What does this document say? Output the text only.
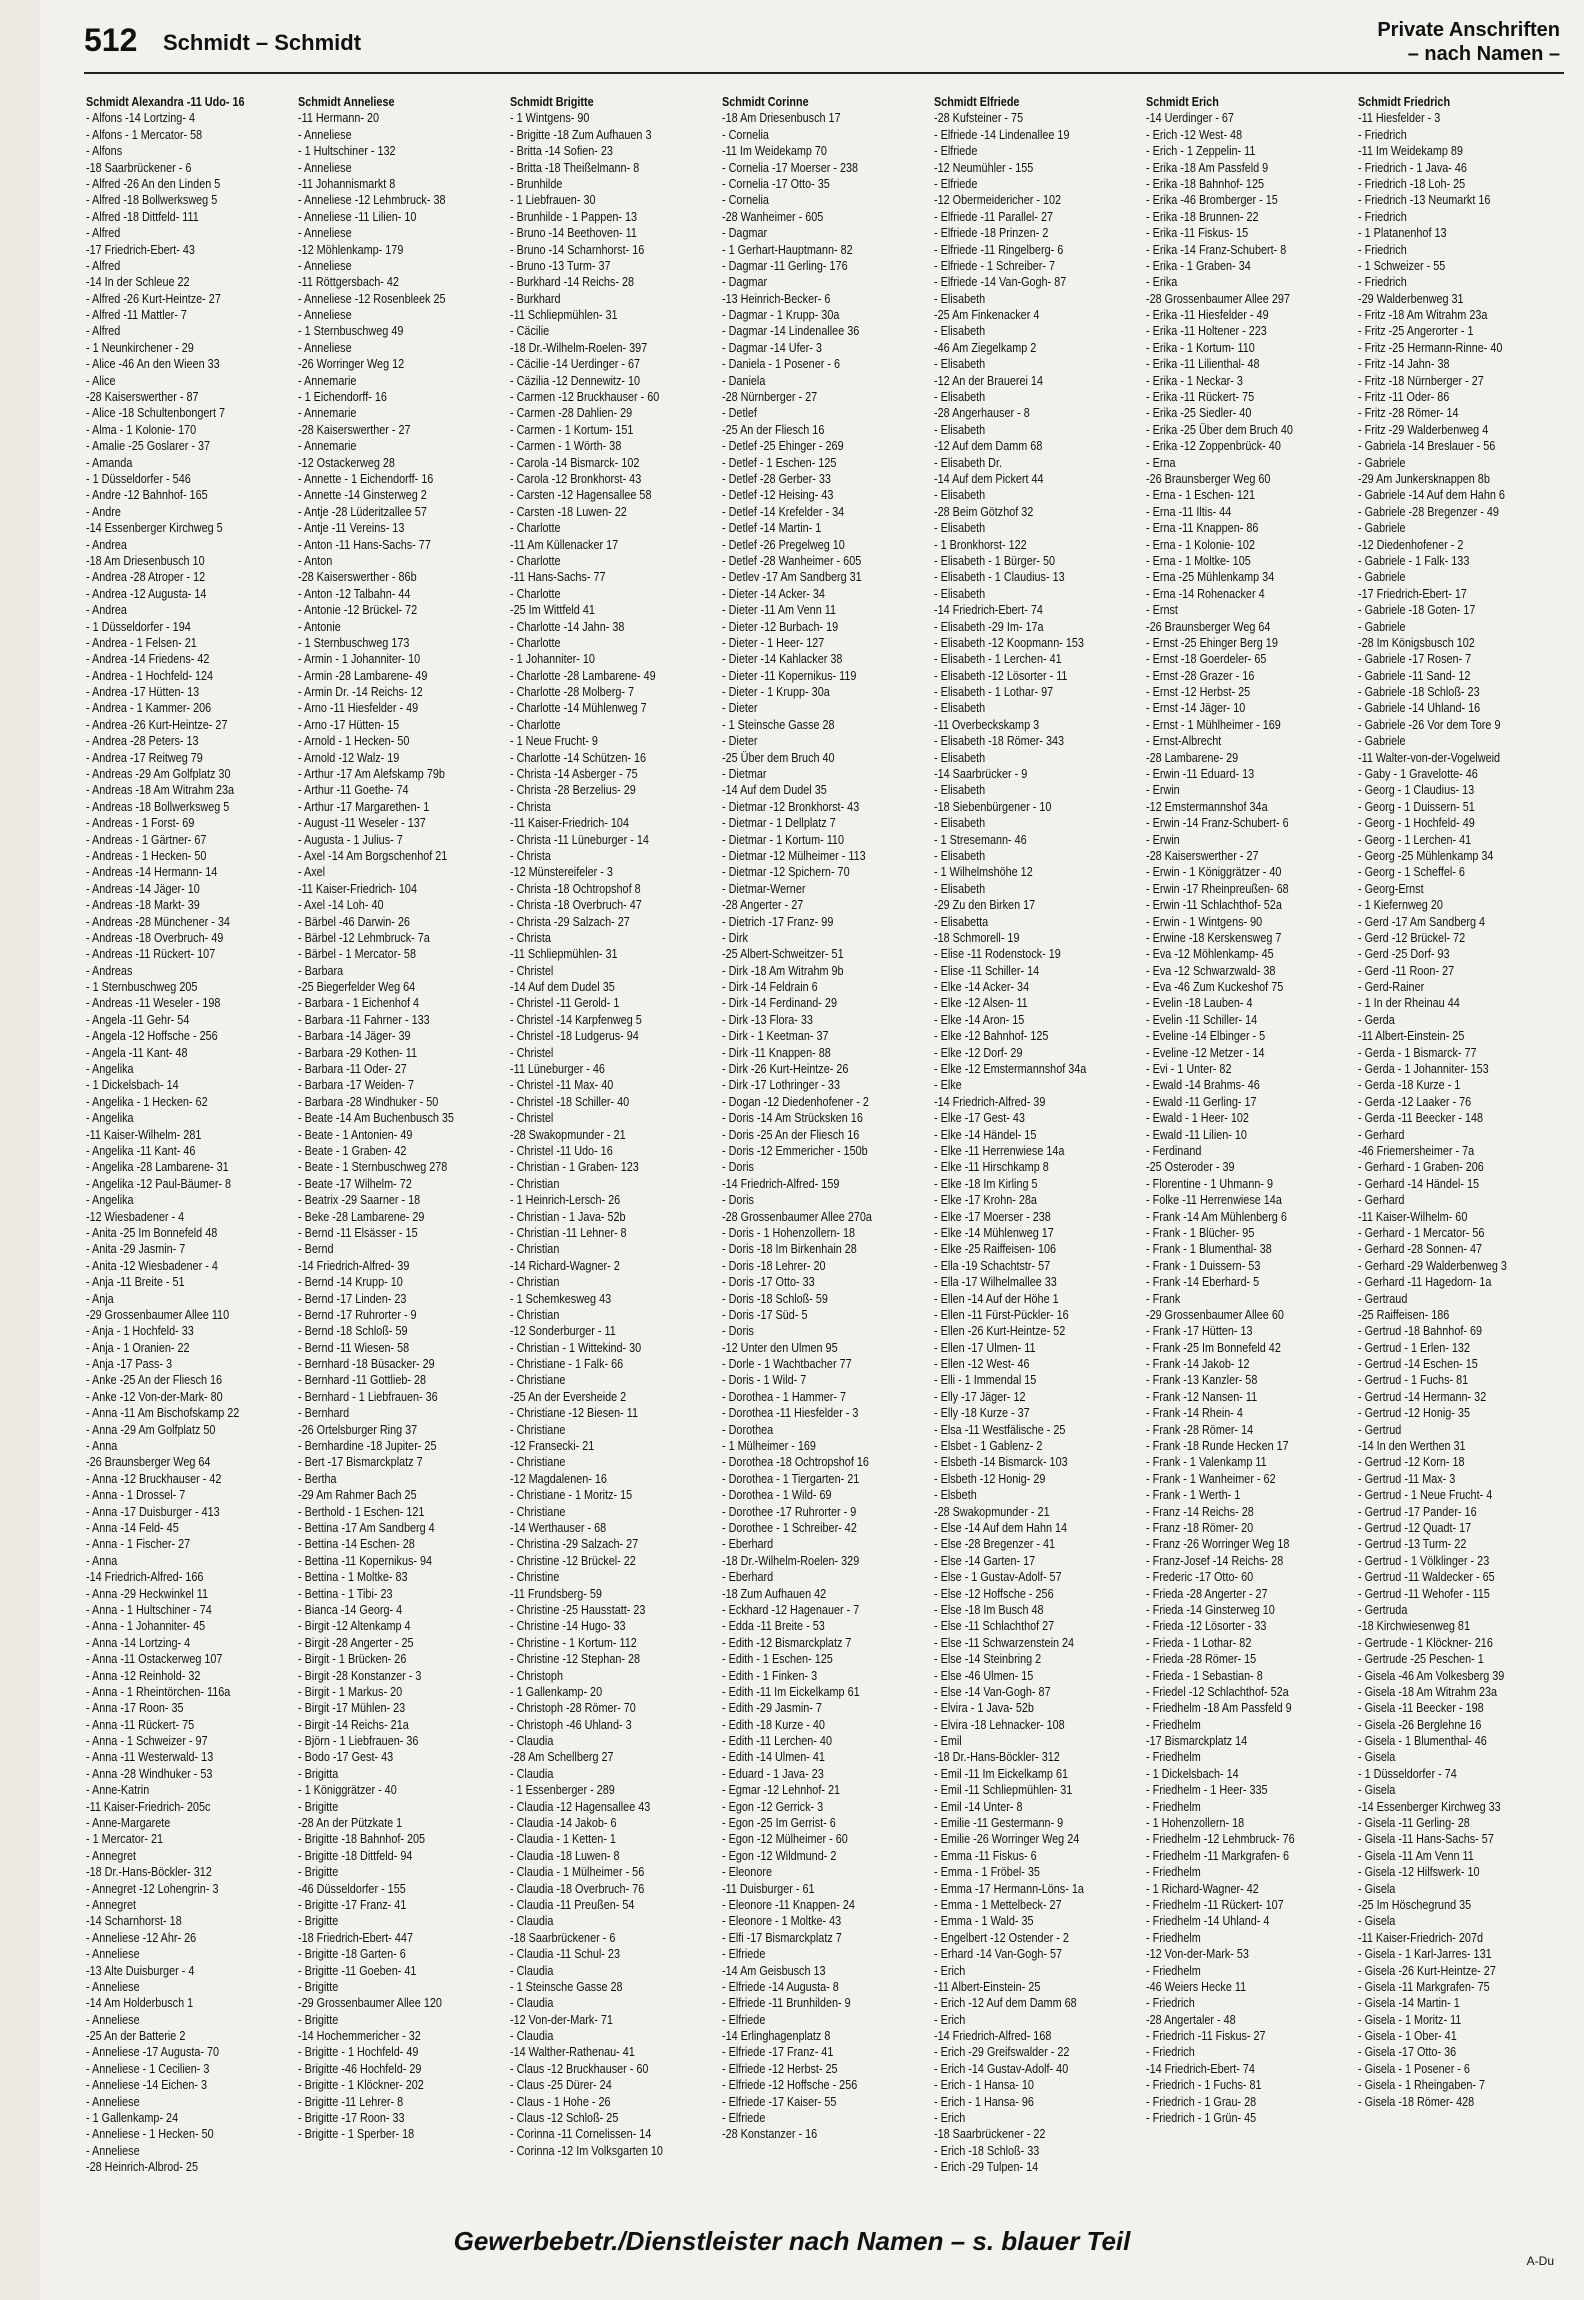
512 Schmidt – Schmidt	Private Anschriften
– nach Namen –
Schmidt Alexandra -11 Udo- 16
- Alfons -14 Lortzing- 4
- Alfons - 1 Mercator- 58
- Alfons
-18 Saarbrückener - 6
- Alfred -26 An den Linden 5
- Alfred -18 Bollwerksweg 5
- Alfred -18 Dittfeld- 111
- Alfred
-17 Friedrich-Ebert- 43
- Alfred
-14 In der Schleue 22
- Alfred -26 Kurt-Heintze- 27
- Alfred -11 Mattler- 7
- Alfred
- 1 Neunkirchener - 29
- Alice -46 An den Wieen 33
- Alice
-28 Kaiserswerther - 87
- Alice -18 Schultenbongert 7
- Alma - 1 Kolonie- 170
- Amalie -25 Goslarer - 37
- Amanda
- 1 Düsseldorfer - 546
- Andre -12 Bahnhof- 165
- Andre
-14 Essenberger Kirchweg 5
- Andrea
-18 Am Driesenbusch 10
- Andrea -28 Atroper - 12
- Andrea -12 Augusta- 14
- Andrea
- 1 Düsseldorfer - 194
- Andrea - 1 Felsen- 21
- Andrea -14 Friedens- 42
- Andrea - 1 Hochfeld- 124
- Andrea -17 Hütten- 13
- Andrea - 1 Kammer- 206
- Andrea -26 Kurt-Heintze- 27
- Andrea -28 Peters- 13
- Andrea -17 Reitweg 79
- Andreas -29 Am Golfplatz 30
- Andreas -18 Am Witrahm 23a
- Andreas -18 Bollwerksweg 5
- Andreas - 1 Forst- 69
- Andreas - 1 Gärtner- 67
- Andreas - 1 Hecken- 50
- Andreas -14 Hermann- 14
- Andreas -14 Jäger- 10
- Andreas -18 Markt- 39
- Andreas -28 Münchener - 34
- Andreas -18 Overbruch- 49
- Andreas -11 Rückert- 107
- Andreas
- 1 Sternbuschweg 205
- Andreas -11 Weseler - 198
- Angela -11 Gehr- 54
- Angela -12 Hoffsche - 256
- Angela -11 Kant- 48
- Angelika
- 1 Dickelsbach- 14
- Angelika - 1 Hecken- 62
- Angelika
-11 Kaiser-Wilhelm- 281
- Angelika -11 Kant- 46
- Angelika -28 Lambarene- 31
- Angelika -12 Paul-Bäumer- 8
- Angelika
-12 Wiesbadener - 4
- Anita -25 Im Bonnefeld 48
- Anita -29 Jasmin- 7
- Anita -12 Wiesbadener - 4
- Anja -11 Breite - 51
- Anja
-29 Grossenbaumer Allee 110
- Anja - 1 Hochfeld- 33
- Anja - 1 Oranien- 22
- Anja -17 Pass- 3
- Anke -25 An der Fliesch 16
- Anke -12 Von-der-Mark- 80
- Anna -11 Am Bischofskamp 22
- Anna -29 Am Golfplatz 50
- Anna
-26 Braunsberger Weg 64
- Anna -12 Bruckhauser - 42
- Anna - 1 Drossel- 7
- Anna -17 Duisburger - 413
- Anna -14 Feld- 45
- Anna - 1 Fischer- 27
- Anna
-14 Friedrich-Alfred- 166
- Anna -29 Heckwinkel 11
- Anna - 1 Hultschiner - 74
- Anna - 1 Johanniter- 45
- Anna -14 Lortzing- 4
- Anna -11 Ostackerweg 107
- Anna -12 Reinhold- 32
- Anna - 1 Rheintörchen- 116a
- Anna -17 Roon- 35
- Anna -11 Rückert- 75
- Anna - 1 Schweizer - 97
- Anna -11 Westerwald- 13
- Anna -28 Windhuker - 53
- Anne-Katrin
-11 Kaiser-Friedrich- 205c
- Anne-Margarete
- 1 Mercator- 21
- Annegret
-18 Dr.-Hans-Böckler- 312
- Annegret -12 Lohengrin- 3
- Annegret
-14 Scharnhorst- 18
- Anneliese -12 Ahr- 26
- Anneliese
-13 Alte Duisburger - 4
- Anneliese
-14 Am Holderbusch 1
- Anneliese
-25 An der Batterie 2
- Anneliese -17 Augusta- 70
- Anneliese - 1 Cecilien- 3
- Anneliese -14 Eichen- 3
- Anneliese
- 1 Gallenkamp- 24
- Anneliese - 1 Hecken- 50
- Anneliese
-28 Heinrich-Albrod- 25
Schmidt Anneliese
-11 Hermann- 20
- Anneliese
- 1 Hultschiner - 132
- Anneliese
-11 Johannismarkt 8
- Anneliese -12 Lehmbruck- 38
- Anneliese -11 Lilien- 10
- Anneliese
-12 Möhlenkamp- 179
- Anneliese
-11 Röttgersbach- 42
- Anneliese -12 Rosenbleek 25
- Anneliese
- 1 Sternbuschweg 49
- Anneliese
-26 Worringer Weg 12
- Annemarie
- 1 Eichendorff- 16
- Annemarie
-28 Kaiserswerther - 27
- Annemarie
-12 Ostackerweg 28
- Annette - 1 Eichendorff- 16
- Annette -14 Ginsterweg 2
- Antje -28 Lüderitzallee 57
- Antje -11 Vereins- 13
- Anton -11 Hans-Sachs- 77
- Anton
-28 Kaiserswerther - 86b
- Anton -12 Talbahn- 44
- Antonie -12 Brückel- 72
- Antonie
- 1 Sternbuschweg 173
- Armin - 1 Johanniter- 10
- Armin -28 Lambarene- 49
- Armin Dr. -14 Reichs- 12
- Arno -11 Hiesfelder - 49
- Arno -17 Hütten- 15
- Arnold - 1 Hecken- 50
- Arnold -12 Walz- 19
- Arthur -17 Am Alefskamp 79b
- Arthur -11 Goethe- 74
- Arthur -17 Margarethen- 1
- August -11 Weseler - 137
- Augusta - 1 Julius- 7
- Axel -14 Am Borgschenhof 21
- Axel
-11 Kaiser-Friedrich- 104
- Axel -14 Loh- 40
- Bärbel -46 Darwin- 26
- Bärbel -12 Lehmbruck- 7a
- Bärbel - 1 Mercator- 58
- Barbara
-25 Biegerfelder Weg 64
- Barbara - 1 Eichenhof 4
- Barbara -11 Fahrner - 133
- Barbara -14 Jäger- 39
- Barbara -29 Kothen- 11
- Barbara -11 Oder- 27
- Barbara -17 Weiden- 7
- Barbara -28 Windhuker - 50
- Beate -14 Am Buchenbusch 35
- Beate - 1 Antonien- 49
- Beate - 1 Graben- 42
- Beate - 1 Sternbuschweg 278
- Beate -17 Wilhelm- 72
- Beatrix -29 Saarner - 18
- Beke -28 Lambarene- 29
- Bernd -11 Elsässer - 15
- Bernd
-14 Friedrich-Alfred- 39
- Bernd -14 Krupp- 10
- Bernd -17 Linden- 23
- Bernd -17 Ruhrorter - 9
- Bernd -18 Schloß- 59
- Bernd -11 Wiesen- 58
- Bernhard -18 Büsacker- 29
- Bernhard -11 Gottlieb- 28
- Bernhard - 1 Liebfrauen- 36
- Bernhard
-26 Ortelsburger Ring 37
- Bernhardine -18 Jupiter- 25
- Bert -17 Bismarckplatz 7
- Bertha
-29 Am Rahmer Bach 25
- Berthold - 1 Eschen- 121
- Bettina -17 Am Sandberg 4
- Bettina -14 Eschen- 28
- Bettina -11 Kopernikus- 94
- Bettina - 1 Moltke- 83
- Bettina - 1 Tibi- 23
- Bianca -14 Georg- 4
- Birgit -12 Altenkamp 4
- Birgit -28 Angerter - 25
- Birgit - 1 Brücken- 26
- Birgit -28 Konstanzer - 3
- Birgit - 1 Markus- 20
- Birgit -17 Mühlen- 23
- Birgit -14 Reichs- 21a
- Björn - 1 Liebfrauen- 36
- Bodo -17 Gest- 43
- Brigitta
- 1 Königgrätzer - 40
- Brigitte
-28 An der Pützkate 1
- Brigitte -18 Bahnhof- 205
- Brigitte -18 Dittfeld- 94
- Brigitte
-46 Düsseldorfer - 155
- Brigitte -17 Franz- 41
- Brigitte
-18 Friedrich-Ebert- 447
- Brigitte -18 Garten- 6
- Brigitte -11 Goeben- 41
- Brigitte
-29 Grossenbaumer Allee 120
- Brigitte
-14 Hochemmericher - 32
- Brigitte - 1 Hochfeld- 49
- Brigitte -46 Hochfeld- 29
- Brigitte - 1 Klöckner- 202
- Brigitte -11 Lehrer- 8
- Brigitte -17 Roon- 33
- Brigitte - 1 Sperber- 18
Schmidt Brigitte
- 1 Wintgens- 90
- Brigitte -18 Zum Aufhauen 3
- Britta -14 Sofien- 23
- Britta -18 Theißelmann- 8
- Brunhilde
- 1 Liebfrauen- 30
- Brunhilde - 1 Pappen- 13
- Bruno -14 Beethoven- 11
- Bruno -14 Scharnhorst- 16
- Bruno -13 Turm- 37
- Burkhard -14 Reichs- 28
- Burkhard
-11 Schliepmühlen- 31
- Cäcilie
-18 Dr.-Wilhelm-Roelen- 397
- Cäcilie -14 Uerdinger - 67
- Cäzilia -12 Dennewitz- 10
- Carmen -12 Bruckhauser - 60
- Carmen -28 Dahlien- 29
- Carmen - 1 Kortum- 151
- Carmen - 1 Wörth- 38
- Carola -14 Bismarck- 102
- Carola -12 Bronkhorst- 43
- Carsten -12 Hagensallee 58
- Carsten -18 Luwen- 22
- Charlotte
-11 Am Küllenacker 17
- Charlotte
-11 Hans-Sachs- 77
- Charlotte
-25 Im Wittfeld 41
- Charlotte -14 Jahn- 38
- Charlotte
- 1 Johanniter- 10
- Charlotte -28 Lambarene- 49
- Charlotte -28 Molberg- 7
- Charlotte -14 Mühlenweg 7
- Charlotte
- 1 Neue Frucht- 9
- Charlotte -14 Schützen- 16
- Christa -14 Asberger - 75
- Christa -28 Berzelius- 29
- Christa
-11 Kaiser-Friedrich- 104
- Christa -11 Lüneburger - 14
- Christa
-12 Münstereifeler - 3
- Christa -18 Ochtropshof 8
- Christa -18 Overbruch- 47
- Christa -29 Salzach- 27
- Christa
-11 Schliepmühlen- 31
- Christel
-14 Auf dem Dudel 35
- Christel -11 Gerold- 1
- Christel -14 Karpfenweg 5
- Christel -18 Ludgerus- 94
- Christel
-11 Lüneburger - 46
- Christel -11 Max- 40
- Christel -18 Schiller- 40
- Christel
-28 Swakopmunder - 21
- Christel -11 Udo- 16
- Christian - 1 Graben- 123
- Christian
- 1 Heinrich-Lersch- 26
- Christian - 1 Java- 52b
- Christian -11 Lehner- 8
- Christian
-14 Richard-Wagner- 2
- Christian
- 1 Schemkesweg 43
- Christian
-12 Sonderburger - 11
- Christian - 1 Wittekind- 30
- Christiane - 1 Falk- 66
- Christiane
-25 An der Eversheide 2
- Christiane -12 Biesen- 11
- Christiane
-12 Fransecki- 21
- Christiane
-12 Magdalenen- 16
- Christiane - 1 Moritz- 15
- Christiane
-14 Werthauser - 68
- Christina -29 Salzach- 27
- Christine -12 Brückel- 22
- Christine
-11 Frundsberg- 59
- Christine -25 Hausstatt- 23
- Christine -14 Hugo- 33
- Christine - 1 Kortum- 112
- Christine -12 Stephan- 28
- Christoph
- 1 Gallenkamp- 20
- Christoph -28 Römer- 70
- Christoph -46 Uhland- 3
- Claudia
-28 Am Schellberg 27
- Claudia
- 1 Essenberger - 289
- Claudia -12 Hagensallee 43
- Claudia -14 Jakob- 6
- Claudia - 1 Ketten- 1
- Claudia -18 Luwen- 8
- Claudia - 1 Mülheimer - 56
- Claudia -18 Overbruch- 76
- Claudia -11 Preußen- 54
- Claudia
-18 Saarbrückener - 6
- Claudia -11 Schul- 23
- Claudia
- 1 Steinsche Gasse 28
- Claudia
-12 Von-der-Mark- 71
- Claudia
-14 Walther-Rathenau- 41
- Claus -12 Bruckhauser - 60
- Claus -25 Dürer- 24
- Claus - 1 Hohe - 26
- Claus -12 Schloß- 25
- Corinna -11 Cornelissen- 14
- Corinna -12 Im Volksgarten 10
Schmidt Corinne
-18 Am Driesenbusch 17
- Cornelia
-11 Im Weidekamp 70
- Cornelia -17 Moerser - 238
- Cornelia -17 Otto- 35
- Cornelia
-28 Wanheimer - 605
- Dagmar
- 1 Gerhart-Hauptmann- 82
- Dagmar -11 Gerling- 176
- Dagmar
-13 Heinrich-Becker- 6
- Dagmar - 1 Krupp- 30a
- Dagmar -14 Lindenallee 36
- Dagmar -14 Ufer- 3
- Daniela - 1 Posener - 6
- Daniela
-28 Nürnberger - 27
- Detlef
-25 An der Fliesch 16
- Detlef -25 Ehinger - 269
- Detlef - 1 Eschen- 125
- Detlef -28 Gerber- 33
- Detlef -12 Heising- 43
- Detlef -14 Krefelder - 34
- Detlef -14 Martin- 1
- Detlef -26 Pregelweg 10
- Detlef -28 Wanheimer - 605
- Detlev -17 Am Sandberg 31
- Dieter -14 Acker- 34
- Dieter -11 Am Venn 11
- Dieter -12 Burbach- 19
- Dieter - 1 Heer- 127
- Dieter -14 Kahlacker 38
- Dieter -11 Kopernikus- 119
- Dieter - 1 Krupp- 30a
- Dieter
- 1 Steinsche Gasse 28
- Dieter
-25 Über dem Bruch 40
- Dietmar
-14 Auf dem Dudel 35
- Dietmar -12 Bronkhorst- 43
- Dietmar - 1 Dellplatz 7
- Dietmar - 1 Kortum- 110
- Dietmar -12 Mülheimer - 113
- Dietmar -12 Spichern- 70
- Dietmar-Werner
-28 Angerter - 27
- Dietrich -17 Franz- 99
- Dirk
-25 Albert-Schweitzer- 51
- Dirk -18 Am Witrahm 9b
- Dirk -14 Feldrain 6
- Dirk -14 Ferdinand- 29
- Dirk -13 Flora- 33
- Dirk - 1 Keetman- 37
- Dirk -11 Knappen- 88
- Dirk -26 Kurt-Heintze- 26
- Dirk -17 Lothringer - 33
- Dogan -12 Diedenhofener - 2
- Doris -14 Am Strücksken 16
- Doris -25 An der Fliesch 16
- Doris -12 Emmericher - 150b
- Doris
-14 Friedrich-Alfred- 159
- Doris
-28 Grossenbaumer Allee 270a
- Doris - 1 Hohenzollern- 18
- Doris -18 Im Birkenhain 28
- Doris -18 Lehrer- 20
- Doris -17 Otto- 33
- Doris -18 Schloß- 59
- Doris -17 Süd- 5
- Doris
-12 Unter den Ulmen 95
- Dorle - 1 Wachtbacher 77
- Doris - 1 Wild- 7
- Dorothea - 1 Hammer- 7
- Dorothea -11 Hiesfelder - 3
- Dorothea
- 1 Mülheimer - 169
- Dorothea -18 Ochtropshof 16
- Dorothea - 1 Tiergarten- 21
- Dorothea - 1 Wild- 69
- Dorothee -17 Ruhrorter - 9
- Dorothee - 1 Schreiber- 42
- Eberhard
-18 Dr.-Wilhelm-Roelen- 329
- Eberhard
-18 Zum Aufhauen 42
- Eckhard -12 Hagenauer - 7
- Edda -11 Breite - 53
- Edith -12 Bismarckplatz 7
- Edith - 1 Eschen- 125
- Edith - 1 Finken- 3
- Edith -11 Im Eickelkamp 61
- Edith -29 Jasmin- 7
- Edith -18 Kurze - 40
- Edith -11 Lerchen- 40
- Edith -14 Ulmen- 41
- Eduard - 1 Java- 23
- Egmar -12 Lehnhof- 21
- Egon -12 Gerrick- 3
- Egon -25 Im Gerrist- 6
- Egon -12 Mülheimer - 60
- Egon -12 Wildmund- 2
- Eleonore
-11 Duisburger - 61
- Eleonore -11 Knappen- 24
- Eleonore - 1 Moltke- 43
- Elfi -17 Bismarckplatz 7
- Elfriede
-14 Am Geisbusch 13
- Elfriede -14 Augusta- 8
- Elfriede -11 Brunhilden- 9
- Elfriede
-14 Erlinghagenplatz 8
- Elfriede -17 Franz- 41
- Elfriede -12 Herbst- 25
- Elfriede -12 Hoffsche - 256
- Elfriede -17 Kaiser- 55
- Elfriede
-28 Konstanzer - 16
Schmidt Elfriede
-28 Kufsteiner - 75
- Elfriede -14 Lindenallee 19
- Elfriede
-12 Neumühler - 155
- Elfriede
-12 Obermeidericher - 102
- Elfriede -11 Parallel- 27
- Elfriede -18 Prinzen- 2
- Elfriede -11 Ringelberg- 6
- Elfriede - 1 Schreiber- 7
- Elfriede -14 Van-Gogh- 87
- Elisabeth
-25 Am Finkenacker 4
- Elisabeth
-46 Am Ziegelkamp 2
- Elisabeth
-12 An der Brauerei 14
- Elisabeth
-28 Angerhauser - 8
- Elisabeth
-12 Auf dem Damm 68
- Elisabeth Dr.
-14 Auf dem Pickert 44
- Elisabeth
-28 Beim Götzhof 32
- Elisabeth
- 1 Bronkhorst- 122
- Elisabeth - 1 Bürger- 50
- Elisabeth - 1 Claudius- 13
- Elisabeth
-14 Friedrich-Ebert- 74
- Elisabeth -29 Im- 17a
- Elisabeth -12 Koopmann- 153
- Elisabeth - 1 Lerchen- 41
- Elisabeth -12 Lösorter - 11
- Elisabeth - 1 Lothar- 97
- Elisabeth
-11 Overbeckskamp 3
- Elisabeth -18 Römer- 343
- Elisabeth
-14 Saarbrücker - 9
- Elisabeth
-18 Siebenbürgener - 10
- Elisabeth
- 1 Stresemann- 46
- Elisabeth
- 1 Wilhelmshöhe 12
- Elisabeth
-29 Zu den Birken 17
- Elisabetta
-18 Schmorell- 19
- Elise -11 Rodenstock- 19
- Elise -11 Schiller- 14
- Elke -14 Acker- 34
- Elke -12 Alsen- 11
- Elke -14 Aron- 15
- Elke -12 Bahnhof- 125
- Elke -12 Dorf- 29
- Elke -12 Emstermannshof 34a
- Elke
-14 Friedrich-Alfred- 39
- Elke -17 Gest- 43
- Elke -14 Händel- 15
- Elke -11 Herrenwiese 14a
- Elke -11 Hirschkamp 8
- Elke -18 Im Kirling 5
- Elke -17 Krohn- 28a
- Elke -17 Moerser - 238
- Elke -14 Mühlenweg 17
- Elke -25 Raiffeisen- 106
- Ella -19 Schachtstr- 57
- Ella -17 Wilhelmallee 33
- Ellen -14 Auf der Höhe 1
- Ellen -11 Fürst-Pückler- 16
- Ellen -26 Kurt-Heintze- 52
- Ellen -17 Ulmen- 11
- Ellen -12 West- 46
- Elli - 1 Immendal 15
- Elly -17 Jäger- 12
- Elly -18 Kurze - 37
- Elsa -11 Westfälische - 25
- Elsbet - 1 Gablenz- 2
- Elsbeth -14 Bismarck- 103
- Elsbeth -12 Honig- 29
- Elsbeth
-28 Swakopmunder - 21
- Else -14 Auf dem Hahn 14
- Else -28 Bregenzer - 41
- Else -14 Garten- 17
- Else - 1 Gustav-Adolf- 57
- Else -12 Hoffsche - 256
- Else -18 Im Busch 48
- Else -11 Schlachthof 27
- Else -11 Schwarzenstein 24
- Else -14 Steinbring 2
- Else -46 Ulmen- 15
- Else -14 Van-Gogh- 87
- Elvira - 1 Java- 52b
- Elvira -18 Lehnacker- 108
- Emil
-18 Dr.-Hans-Böckler- 312
- Emil -11 Im Eickelkamp 61
- Emil -11 Schliepmühlen- 31
- Emil -14 Unter- 8
- Emilie -11 Gestermann- 9
- Emilie -26 Worringer Weg 24
- Emma -11 Fiskus- 6
- Emma - 1 Fröbel- 35
- Emma -17 Hermann-Löns- 1a
- Emma - 1 Mettelbeck- 27
- Emma - 1 Wald- 35
- Engelbert -12 Ostender - 2
- Erhard -14 Van-Gogh- 57
- Erich
-11 Albert-Einstein- 25
- Erich -12 Auf dem Damm 68
- Erich
-14 Friedrich-Alfred- 168
- Erich -29 Greifswalder - 22
- Erich -14 Gustav-Adolf- 40
- Erich - 1 Hansa- 10
- Erich - 1 Hansa- 96
- Erich
-18 Saarbrückener - 22
- Erich -18 Schloß- 33
- Erich -29 Tulpen- 14
Schmidt Erich
-14 Uerdinger - 67
- Erich -12 West- 48
- Erich - 1 Zeppelin- 11
- Erika -18 Am Passfeld 9
- Erika -18 Bahnhof- 125
- Erika -46 Bromberger - 15
- Erika -18 Brunnen- 22
- Erika -11 Fiskus- 15
- Erika -14 Franz-Schubert- 8
- Erika - 1 Graben- 34
- Erika
-28 Grossenbaumer Allee 297
- Erika -11 Hiesfelder - 49
- Erika -11 Holtener - 223
- Erika - 1 Kortum- 110
- Erika -11 Lilienthal- 48
- Erika - 1 Neckar- 3
- Erika -11 Rückert- 75
- Erika -25 Siedler- 40
- Erika -25 Über dem Bruch 40
- Erika -12 Zoppenbrück- 40
- Erna
-26 Braunsberger Weg 60
- Erna - 1 Eschen- 121
- Erna -11 Iltis- 44
- Erna -11 Knappen- 86
- Erna - 1 Kolonie- 102
- Erna - 1 Moltke- 105
- Erna -25 Mühlenkamp 34
- Erna -14 Rohenacker 4
- Ernst
-26 Braunsberger Weg 64
- Ernst -25 Ehinger Berg 19
- Ernst -18 Goerdeler- 65
- Ernst -28 Grazer - 16
- Ernst -12 Herbst- 25
- Ernst -14 Jäger- 10
- Ernst - 1 Mühlheimer - 169
- Ernst-Albrecht
-28 Lambarene- 29
- Erwin -11 Eduard- 13
- Erwin
-12 Emstermannshof 34a
- Erwin -14 Franz-Schubert- 6
- Erwin
-28 Kaiserswerther - 27
- Erwin - 1 Königgrätzer - 40
- Erwin -17 Rheinpreußen- 68
- Erwin -11 Schlachthof- 52a
- Erwin - 1 Wintgens- 90
- Erwine -18 Kerskensweg 7
- Eva -12 Möhlenkamp- 45
- Eva -12 Schwarzwald- 38
- Eva -46 Zum Kuckeshof 75
- Evelin -18 Lauben- 4
- Evelin -11 Schiller- 14
- Eveline -14 Elbinger - 5
- Eveline -12 Metzer - 14
- Evi - 1 Unter- 82
- Ewald -14 Brahms- 46
- Ewald -11 Gerling- 17
- Ewald - 1 Heer- 102
- Ewald -11 Lilien- 10
- Ferdinand
-25 Osteroder - 39
- Florentine - 1 Uhmann- 9
- Folke -11 Herrenwiese 14a
- Frank -14 Am Mühlenberg 6
- Frank - 1 Blücher- 95
- Frank - 1 Blumenthal- 38
- Frank - 1 Duissern- 53
- Frank -14 Eberhard- 5
- Frank
-29 Grossenbaumer Allee 60
- Frank -17 Hütten- 13
- Frank -25 Im Bonnefeld 42
- Frank -14 Jakob- 12
- Frank -13 Kanzler- 58
- Frank -12 Nansen- 11
- Frank -14 Rhein- 4
- Frank -28 Römer- 14
- Frank -18 Runde Hecken 17
- Frank - 1 Valenkamp 11
- Frank - 1 Wanheimer - 62
- Frank - 1 Werth- 1
- Franz -14 Reichs- 28
- Franz -18 Römer- 20
- Franz -26 Worringer Weg 18
- Franz-Josef -14 Reichs- 28
- Frederic -17 Otto- 60
- Frieda -28 Angerter - 27
- Frieda -14 Ginsterweg 10
- Frieda -12 Lösorter - 33
- Frieda - 1 Lothar- 82
- Frieda -28 Römer- 15
- Frieda - 1 Sebastian- 8
- Friedel -12 Schlachthof- 52a
- Friedhelm -18 Am Passfeld 9
- Friedhelm
-17 Bismarckplatz 14
- Friedhelm
- 1 Dickelsbach- 14
- Friedhelm - 1 Heer- 335
- Friedhelm
- 1 Hohenzollern- 18
- Friedhelm -12 Lehmbruck- 76
- Friedhelm -11 Markgrafen- 6
- Friedhelm
- 1 Richard-Wagner- 42
- Friedhelm -11 Rückert- 107
- Friedhelm -14 Uhland- 4
- Friedhelm
-12 Von-der-Mark- 53
- Friedhelm
-46 Weiers Hecke 11
- Friedrich
-28 Angertaler - 48
- Friedrich -11 Fiskus- 27
- Friedrich
-14 Friedrich-Ebert- 74
- Friedrich - 1 Fuchs- 81
- Friedrich - 1 Grau- 28
- Friedrich - 1 Grün- 45
Schmidt Friedrich
-11 Hiesfelder - 3
- Friedrich
-11 Im Weidekamp 89
- Friedrich - 1 Java- 46
- Friedrich -18 Loh- 25
- Friedrich -13 Neumarkt 16
- Friedrich
- 1 Platanenhof 13
- Friedrich
- 1 Schweizer - 55
- Friedrich
-29 Walderbenweg 31
- Fritz -18 Am Witrahm 23a
- Fritz -25 Angerorter - 1
- Fritz -25 Hermann-Rinne- 40
- Fritz -14 Jahn- 38
- Fritz -18 Nürnberger - 27
- Fritz -11 Oder- 86
- Fritz -28 Römer- 14
- Fritz -29 Walderbenweg 4
- Gabriela -14 Breslauer - 56
- Gabriele
-29 Am Junkersknappen 8b
- Gabriele -14 Auf dem Hahn 6
- Gabriele -28 Bregenzer - 49
- Gabriele
-12 Diedenhofener - 2
- Gabriele - 1 Falk- 133
- Gabriele
-17 Friedrich-Ebert- 17
- Gabriele -18 Goten- 17
- Gabriele
-28 Im Königsbusch 102
- Gabriele -17 Rosen- 7
- Gabriele -11 Sand- 12
- Gabriele -18 Schloß- 23
- Gabriele -14 Uhland- 16
- Gabriele -26 Vor dem Tore 9
- Gabriele
-11 Walter-von-der-Vogelweid
- Gaby - 1 Gravelotte- 46
- Georg - 1 Claudius- 13
- Georg - 1 Duissern- 51
- Georg - 1 Hochfeld- 49
- Georg - 1 Lerchen- 41
- Georg -25 Mühlenkamp 34
- Georg - 1 Scheffel- 6
- Georg-Ernst
- 1 Kiefernweg 20
- Gerd -17 Am Sandberg 4
- Gerd -12 Brückel- 72
- Gerd -25 Dorf- 93
- Gerd -11 Roon- 27
- Gerd-Rainer
- 1 In der Rheinau 44
- Gerda
-11 Albert-Einstein- 25
- Gerda - 1 Bismarck- 77
- Gerda - 1 Johanniter- 153
- Gerda -18 Kurze - 1
- Gerda -12 Laaker - 76
- Gerda -11 Beecker - 148
- Gerhard
-46 Friemersheimer - 7a
- Gerhard - 1 Graben- 206
- Gerhard -14 Händel- 15
- Gerhard
-11 Kaiser-Wilhelm- 60
- Gerhard - 1 Mercator- 56
- Gerhard -28 Sonnen- 47
- Gerhard -29 Walderbenweg 3
- Gerhard -11 Hagedorn- 1a
- Gertraud
-25 Raiffeisen- 186
- Gertrud -18 Bahnhof- 69
- Gertrud - 1 Erlen- 132
- Gertrud -14 Eschen- 15
- Gertrud - 1 Fuchs- 81
- Gertrud -14 Hermann- 32
- Gertrud -12 Honig- 35
- Gertrud
-14 In den Werthen 31
- Gertrud -12 Korn- 18
- Gertrud -11 Max- 3
- Gertrud - 1 Neue Frucht- 4
- Gertrud -17 Pander- 16
- Gertrud -12 Quadt- 17
- Gertrud -13 Turm- 22
- Gertrud - 1 Völklinger - 23
- Gertrud -11 Waldecker - 65
- Gertrud -11 Wehofer - 115
- Gertruda
-18 Kirchwiesenweg 81
- Gertrude - 1 Klöckner- 216
- Gertrude -25 Peschen- 1
- Gisela -46 Am Volkesberg 39
- Gisela -18 Am Witrahm 23a
- Gisela -11 Beecker - 198
- Gisela -26 Berglehne 16
- Gisela - 1 Blumenthal- 46
- Gisela
- 1 Düsseldorfer - 74
- Gisela
-14 Essenberger Kirchweg 33
- Gisela -11 Gerling- 28
- Gisela -11 Hans-Sachs- 57
- Gisela -11 Am Venn 11
- Gisela -12 Hilfswerk- 10
- Gisela
-25 Im Höschegrund 35
- Gisela
-11 Kaiser-Friedrich- 207d
- Gisela - 1 Karl-Jarres- 131
- Gisela -26 Kurt-Heintze- 27
- Gisela -11 Markgrafen- 75
- Gisela -14 Martin- 1
- Gisela - 1 Moritz- 11
- Gisela - 1 Ober- 41
- Gisela -17 Otto- 36
- Gisela - 1 Posener - 6
- Gisela - 1 Rheingaben- 7
- Gisela -18 Römer- 428
Gewerbebetr./Dienstleister nach Namen – s. blauer Teil
A-Du
